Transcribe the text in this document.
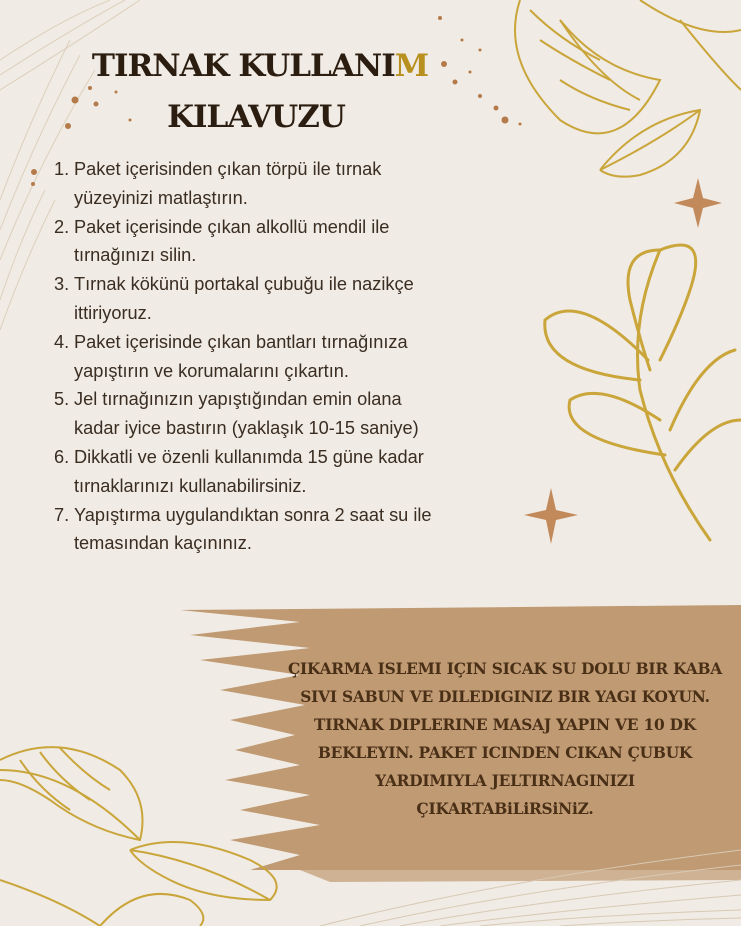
TIRNAK KULLANIM
KILAVUZU
1. Paket içerisinden çıkan törpü ile tırnak yüzeyinizi matlaştırın.
2. Paket içerisinde çıkan alkollü mendil ile tırnağınızı silin.
3. Tırnak kökünü portakal çubuğu ile nazikçe ittiriyoruz.
4. Paket içerisinde çıkan bantları tırnağınıza yapıştırın ve korumalarını çıkartın.
5. Jel tırnağınızın yapıştığından emin olana kadar iyice bastırın (yaklaşık 10-15 saniye)
6. Dikkatli ve özenli kullanımda 15 güne kadar tırnaklarınızı kullanabilirsiniz.
7. Yapıştırma uygulandıktan sonra 2 saat su ile temasından kaçınınız.
ÇIKARMA ISLEMI IÇIN SICAK SU DOLU BIR KABA
SIVI SABUN VE DILEDIGINIZ BIR YAGI KOYUN.
TIRNAK DIPLERINE MASAJ YAPIN VE 10 DK
BEKLEYIN. PAKET ICINDEN CIKAN ÇUBUK
YARDIMIYLA JELTIRNAGINIZI
ÇIKARTABiLiRSiNiZ.
